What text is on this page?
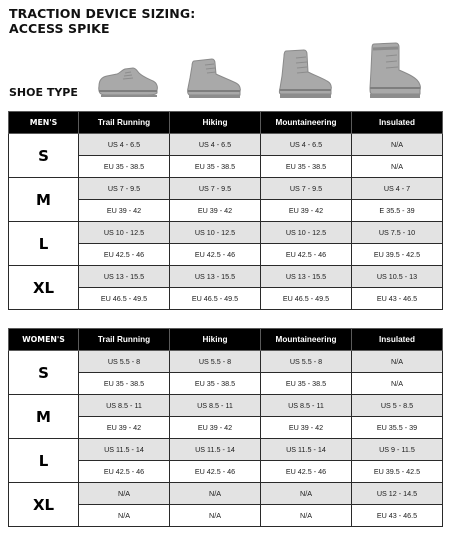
TRACTION DEVICE SIZING:
ACCESS SPIKE
SHOE TYPE
MEN'S	Trail Running	Hiking	Mountaineering	Insulated
S	US 4 - 6.5	US 4 - 6.5	US 4 - 6.5	N/A
	EU 35 - 38.5	EU 35 - 38.5	EU 35 - 38.5	N/A
M	US 7 - 9.5	US 7 - 9.5	US 7 - 9.5	US 4 - 7
	EU 39 - 42	EU 39 - 42	EU 39 - 42	E 35.5 - 39
L	US 10 - 12.5	US 10 - 12.5	US 10 - 12.5	US 7.5 - 10
	EU 42.5 - 46	EU 42.5 - 46	EU 42.5 - 46	EU 39.5 - 42.5
XL	US 13 - 15.5	US 13 - 15.5	US 13 - 15.5	US 10.5 - 13
	EU 46.5 - 49.5	EU 46.5 - 49.5	EU 46.5 - 49.5	EU 43 - 46.5
WOMEN'S	Trail Running	Hiking	Mountaineering	Insulated
S	US 5.5 - 8	US 5.5 - 8	US 5.5 - 8	N/A
	EU 35 - 38.5	EU 35 - 38.5	EU 35 - 38.5	N/A
M	US 8.5 - 11	US 8.5 - 11	US 8.5 - 11	US 5 - 8.5
	EU 39 - 42	EU 39 - 42	EU 39 - 42	EU 35.5 - 39
L	US 11.5 - 14	US 11.5 - 14	US 11.5 - 14	US 9 - 11.5
	EU 42.5 - 46	EU 42.5 - 46	EU 42.5 - 46	EU 39.5 - 42.5
XL	N/A	N/A	N/A	US 12 - 14.5
	N/A	N/A	N/A	EU 43 - 46.5
